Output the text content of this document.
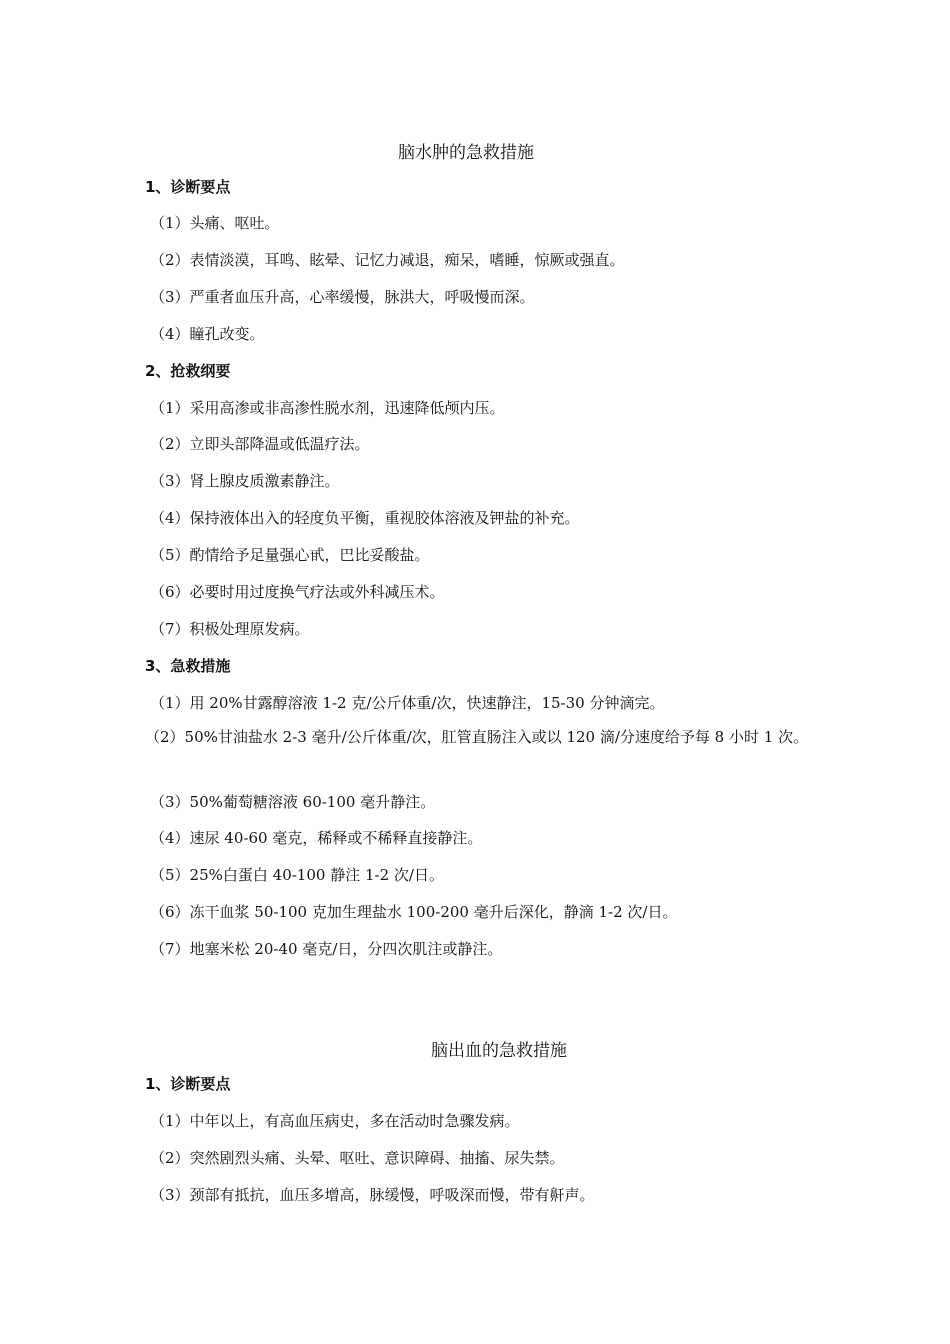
脑水肿的急救措施
1、诊断要点
（1）头痛、呕吐。
（2）表情淡漠，耳鸣、眩晕、记忆力减退，痴呆，嗜睡，惊厥或强直。
（3）严重者血压升高，心率缓慢，脉洪大，呼吸慢而深。
（4）瞳孔改变。
2、抢救纲要
（1）采用高渗或非高渗性脱水剂，迅速降低颅内压。
（2）立即头部降温或低温疗法。
（3）肾上腺皮质激素静注。
（4）保持液体出入的轻度负平衡，重视胶体溶液及钾盐的补充。
（5）酌情给予足量强心甙，巴比妥酸盐。
（6）必要时用过度换气疗法或外科减压术。
（7）积极处理原发病。
3、急救措施
（1）用 20%甘露醇溶液 1-2 克/公斤体重/次，快速静注，15-30 分钟滴完。
（2）50%甘油盐水 2-3 毫升/公斤体重/次，肛管直肠注入或以 120 滴/分速度给予每 8 小时 1 次。
（3）50%葡萄糖溶液 60-100 毫升静注。
（4）速尿 40-60 毫克，稀释或不稀释直接静注。
（5）25%白蛋白 40-100 静注 1-2 次/日。
（6）冻干血浆 50-100 克加生理盐水 100-200 毫升后深化，静滴 1-2 次/日。
（7）地塞米松 20-40 毫克/日，分四次肌注或静注。
脑出血的急救措施
1、诊断要点
（1）中年以上，有高血压病史，多在活动时急骤发病。
（2）突然剧烈头痛、头晕、呕吐、意识障碍、抽搐、尿失禁。
（3）颈部有抵抗，血压多增高，脉缓慢，呼吸深而慢，带有鼾声。
